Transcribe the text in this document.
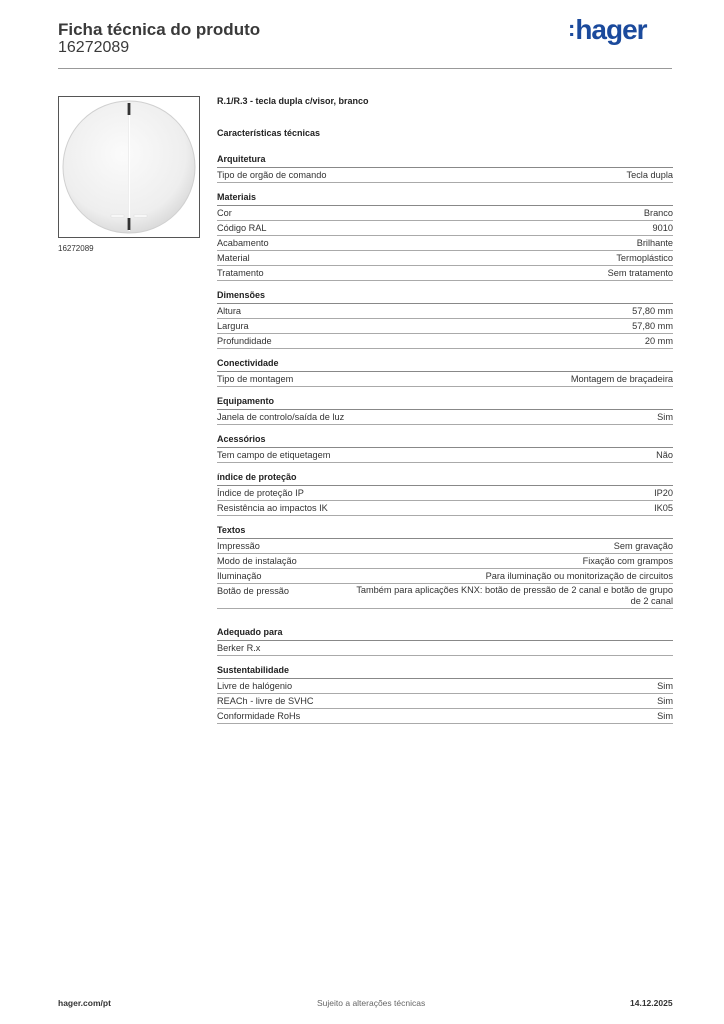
Ficha técnica do produto
16272089
:hager
16272089
R.1/R.3 - tecla dupla c/visor, branco
Características técnicas
Arquitetura
Tipo de orgão de comando	Tecla dupla
Materiais
Cor	Branco
Código RAL	9010
Acabamento	Brilhante
Material	Termoplástico
Tratamento	Sem tratamento
Dimensões
Altura	57,80 mm
Largura	57,80 mm
Profundidade	20 mm
Conectividade
Tipo de montagem	Montagem de braçadeira
Equipamento
Janela de controlo/saída de luz	Sim
Acessórios
Tem campo de etiquetagem	Não
índice de proteção
Índice de proteção IP	IP20
Resistência ao impactos IK	IK05
Textos
Impressão	Sem gravação
Modo de instalação	Fixação com grampos
Iluminação	Para iluminação ou monitorização de circuitos
Botão de pressão	Também para aplicações KNX: botão de pressão de 2 canal e botão de grupo de 2 canal
Adequado para
Berker R.x
Sustentabilidade
Livre de halógenio	Sim
REACh - livre de SVHC	Sim
Conformidade RoHs	Sim
hager.com/pt	Sujeito a alterações técnicas	14.12.2025
